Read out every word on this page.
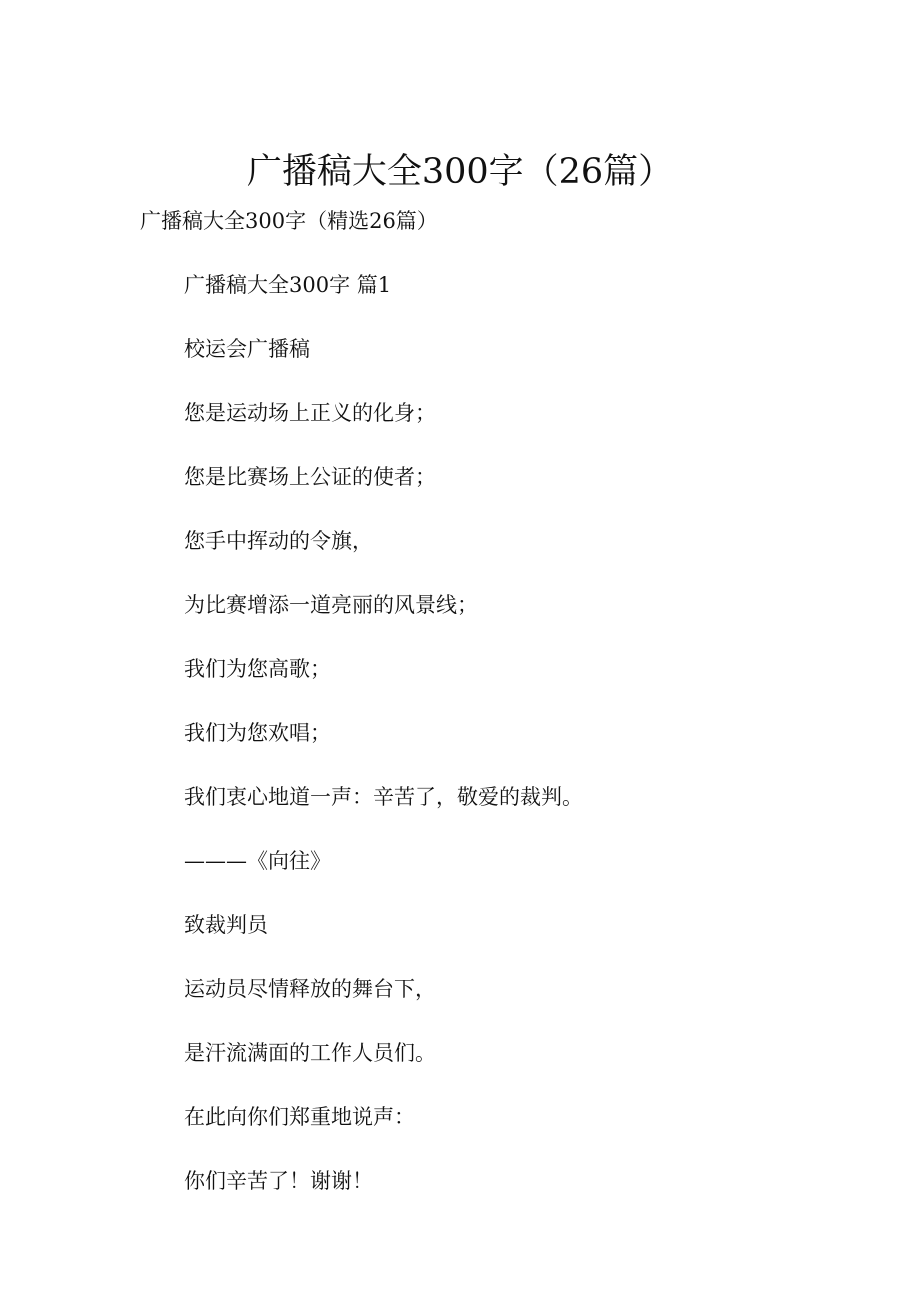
广播稿大全300字（26篇）

广播稿大全300字（精选26篇）

广播稿大全300字 篇1
校运会广播稿
您是运动场上正义的化身；
您是比赛场上公证的使者；
您手中挥动的令旗，
为比赛增添一道亮丽的风景线；
我们为您高歌；
我们为您欢唱；
我们衷心地道一声：辛苦了，敬爱的裁判。
———《向往》
致裁判员
运动员尽情释放的舞台下，
是汗流满面的工作人员们。
在此向你们郑重地说声：
你们辛苦了！谢谢！
